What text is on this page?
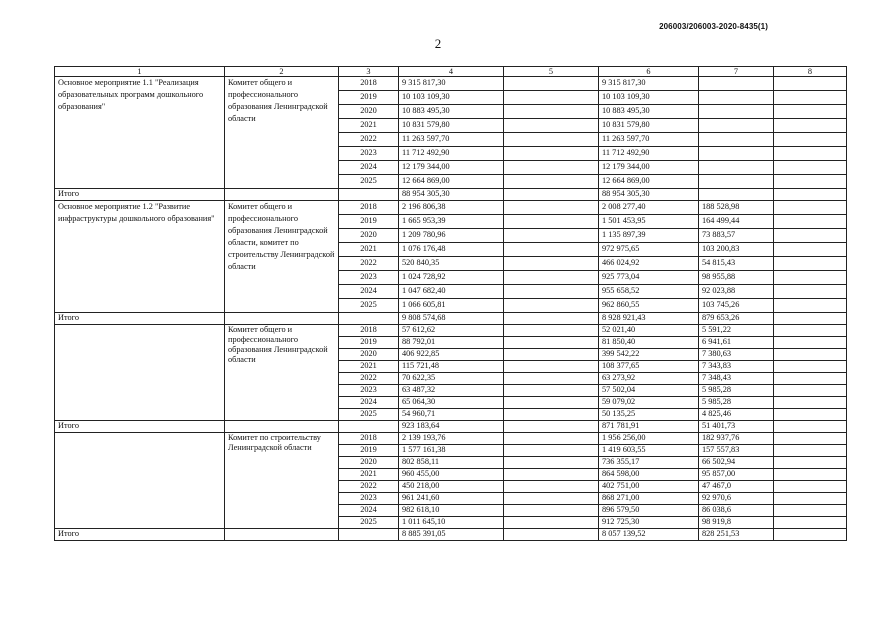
206003/206003-2020-8435(1)
2
1	2	3	4	5	6	7	8
Основное мероприятие 1.1 "Реализация образовательных программ дошкольного образования"	Комитет общего и профессионального образования Ленинградской области	2018	9 315 817,30		9 315 817,30		
		2019	10 103 109,30		10 103 109,30		
		2020	10 883 495,30		10 883 495,30		
		2021	10 831 579,80		10 831 579,80		
		2022	11 263 597,70		11 263 597,70		
		2023	11 712 492,90		11 712 492,90		
		2024	12 179 344,00		12 179 344,00		
		2025	12 664 869,00		12 664 869,00		
Итого			88 954 305,30		88 954 305,30		
Основное мероприятие 1.2 "Развитие инфраструктуры дошкольного образования"	Комитет общего и профессионального образования Ленинградской области, комитет по строительству Ленинградской области	2018	2 196 806,38		2 008 277,40	188 528,98	
		2019	1 665 953,39		1 501 453,95	164 499,44	
		2020	1 209 780,96		1 135 897,39	73 883,57	
		2021	1 076 176,48		972 975,65	103 200,83	
		2022	520 840,35		466 024,92	54 815,43	
		2023	1 024 728,92		925 773,04	98 955,88	
		2024	1 047 682,40		955 658,52	92 023,88	
		2025	1 066 605,81		962 860,55	103 745,26	
Итого			9 808 574,68		8 928 921,43	879 653,26	
	Комитет общего и профессионального образования Ленинградской области	2018	57 612,62		52 021,40	5 591,22	
		2019	88 792,01		81 850,40	6 941,61	
		2020	406 922,85		399 542,22	7 380,63	
		2021	115 721,48		108 377,65	7 343,83	
		2022	70 622,35		63 273,92	7 348,43	
		2023	63 487,32		57 502,04	5 985,28	
		2024	65 064,30		59 079,02	5 985,28	
		2025	54 960,71		50 135,25	4 825,46	
Итого			923 183,64		871 781,91	51 401,73	
	Комитет по строительству Ленинградской области	2018	2 139 193,76		1 956 256,00	182 937,76	
		2019	1 577 161,38		1 419 603,55	157 557,83	
		2020	802 858,11		736 355,17	66 502,94	
		2021	960 455,00		864 598,00	95 857,00	
		2022	450 218,00		402 751,00	47 467,0	
		2023	961 241,60		868 271,00	92 970,6	
		2024	982 618,10		896 579,50	86 038,6	
		2025	1 011 645,10		912 725,30	98 919,8	
Итого			8 885 391,05		8 057 139,52	828 251,53	
